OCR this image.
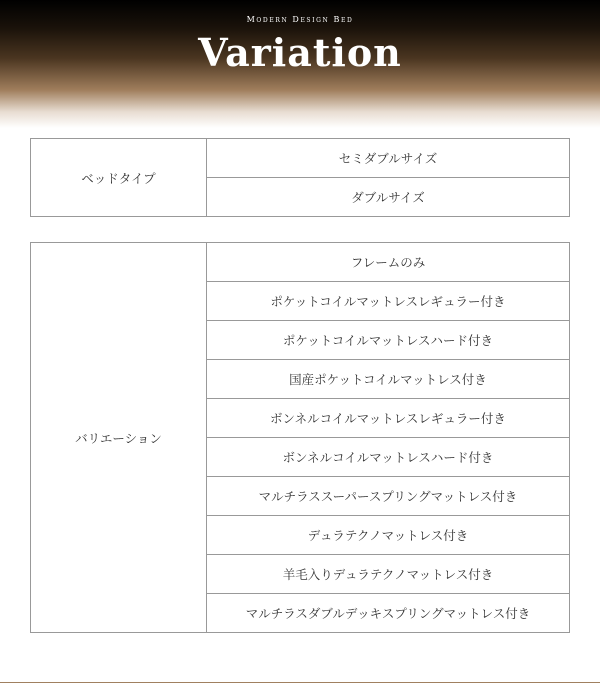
Modern Design Bed
Variation
ベッドタイプ	セミダブルサイズ
ダブルサイズ
バリエーション	フレームのみ
ポケットコイルマットレスレギュラー付き
ポケットコイルマットレスハード付き
国産ポケットコイルマットレス付き
ボンネルコイルマットレスレギュラー付き
ボンネルコイルマットレスハード付き
マルチラススーパースプリングマットレス付き
デュラテクノマットレス付き
羊毛入りデュラテクノマットレス付き
マルチラスダブルデッキスプリングマットレス付き
